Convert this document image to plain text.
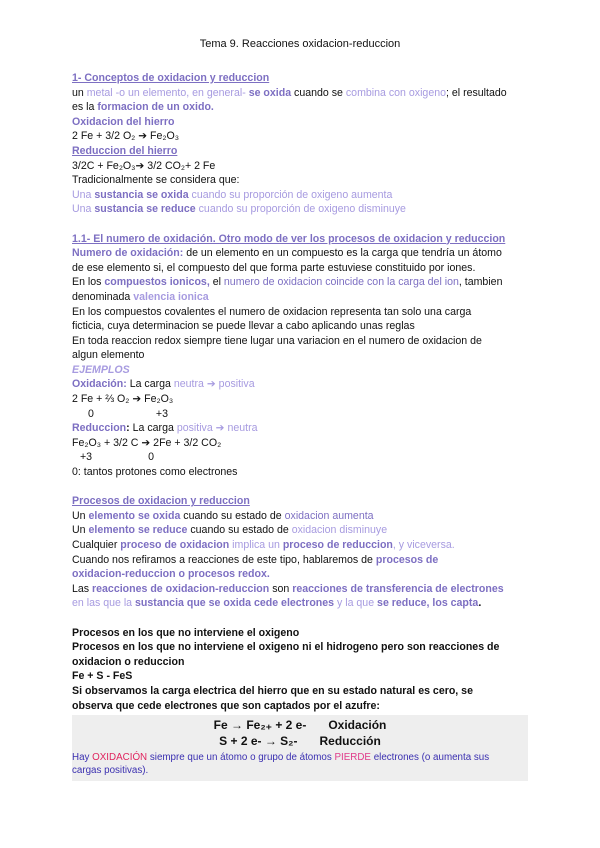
Tema 9. Reacciones oxidacion-reduccion
1- Conceptos de oxidacion y reduccion
un metal -o un elemento, en general- se oxida cuando se combina con oxigeno; el resultado
es la formacion de un oxido.
Oxidacion del hierro
2 Fe + 3/2 O₂ ➔ Fe₂O₃
Reduccion del hierro
3/2C + Fe₂O₃➔ 3/2 CO₂+ 2 Fe
Tradicionalmente se considera que:
Una sustancia se oxida cuando su proporción de oxigeno aumenta
Una sustancia se reduce cuando su proporción de oxigeno disminuye
1.1- El numero de oxidación. Otro modo de ver los procesos de oxidacion y reduccion
Numero de oxidación: de un elemento en un compuesto es la carga que tendría un átomo
de ese elemento si, el compuesto del que forma parte estuviese constituido por iones.
En los compuestos ionicos, el numero de oxidacion coincide con la carga del ion, tambien
denominada valencia ionica
En los compuestos covalentes el numero de oxidacion representa tan solo una carga
ficticia, cuya determinacion se puede llevar a cabo aplicando unas reglas
En toda reaccion redox siempre tiene lugar una variacion en el numero de oxidacion de
algun elemento
EJEMPLOS
Oxidación: La carga neutra ➔ positiva
2 Fe + ⅔ O₂ ➔ Fe₂O₃
0	+3
Reduccion: La carga positiva ➔ neutra
Fe₂O₃ + 3/2 C ➔ 2Fe + 3/2 CO₂
+3	0
0: tantos protones como electrones
Procesos de oxidacion y reduccion
Un elemento se oxida cuando su estado de oxidacion aumenta
Un elemento se reduce cuando su estado de oxidacion disminuye
Cualquier proceso de oxidacion implica un proceso de reduccion, y viceversa.
Cuando nos refiramos a reacciones de este tipo, hablaremos de procesos de
oxidacion-reduccion o procesos redox.
Las reacciones de oxidacion-reduccion son reacciones de transferencia de electrones
en las que la sustancia que se oxida cede electrones y la que se reduce, los capta.
Procesos en los que no interviene el oxigeno
Procesos en los que no interviene el oxigeno ni el hidrogeno pero son reacciones de
oxidacion o reduccion
Fe + S - FeS
Si observamos la carga electrica del hierro que en su estado natural es cero, se
observa que cede electrones que son captados por el azufre:
Fe → Fe₂₊ + 2 e- Oxidación
S + 2 e- → S₂- Reducción
Hay OXIDACIÓN siempre que un átomo o grupo de átomos PIERDE electrones (o aumenta sus
cargas positivas).
